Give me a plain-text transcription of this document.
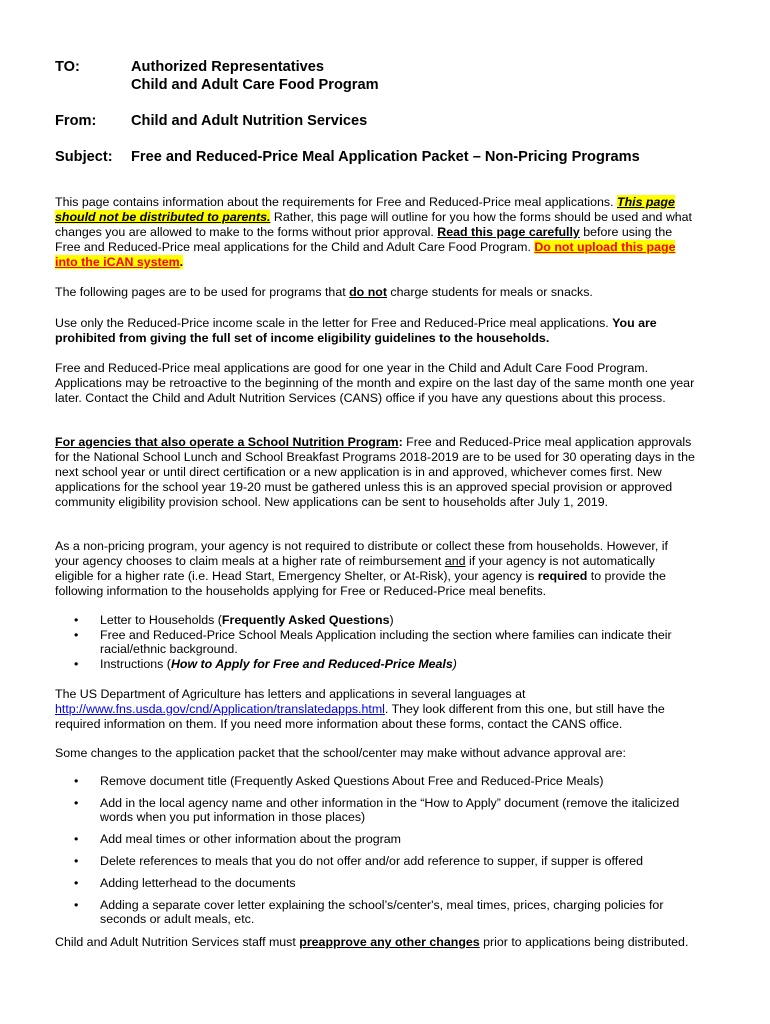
TO:	Authorized Representatives
Child and Adult Care Food Program
From: Child and Adult Nutrition Services
Subject: Free and Reduced-Price Meal Application Packet – Non-Pricing Programs
This page contains information about the requirements for Free and Reduced-Price meal applications. This page should not be distributed to parents. Rather, this page will outline for you how the forms should be used and what changes you are allowed to make to the forms without prior approval. Read this page carefully before using the Free and Reduced-Price meal applications for the Child and Adult Care Food Program. Do not upload this page into the iCAN system.
The following pages are to be used for programs that do not charge students for meals or snacks.
Use only the Reduced-Price income scale in the letter for Free and Reduced-Price meal applications. You are prohibited from giving the full set of income eligibility guidelines to the households.
Free and Reduced-Price meal applications are good for one year in the Child and Adult Care Food Program. Applications may be retroactive to the beginning of the month and expire on the last day of the same month one year later. Contact the Child and Adult Nutrition Services (CANS) office if you have any questions about this process.
For agencies that also operate a School Nutrition Program: Free and Reduced-Price meal application approvals for the National School Lunch and School Breakfast Programs 2018-2019 are to be used for 30 operating days in the next school year or until direct certification or a new application is in and approved, whichever comes first. New applications for the school year 19-20 must be gathered unless this is an approved special provision or approved community eligibility provision school. New applications can be sent to households after July 1, 2019.
As a non-pricing program, your agency is not required to distribute or collect these from households. However, if your agency chooses to claim meals at a higher rate of reimbursement and if your agency is not automatically eligible for a higher rate (i.e. Head Start, Emergency Shelter, or At-Risk), your agency is required to provide the following information to the households applying for Free or Reduced-Price meal benefits.
• Letter to Households (Frequently Asked Questions)
• Free and Reduced-Price School Meals Application including the section where families can indicate their racial/ethnic background.
• Instructions (How to Apply for Free and Reduced-Price Meals)
The US Department of Agriculture has letters and applications in several languages at http://www.fns.usda.gov/cnd/Application/translatedapps.html. They look different from this one, but still have the required information on them. If you need more information about these forms, contact the CANS office.
Some changes to the application packet that the school/center may make without advance approval are:
• Remove document title (Frequently Asked Questions About Free and Reduced-Price Meals)
• Add in the local agency name and other information in the “How to Apply” document (remove the italicized words when you put information in those places)
• Add meal times or other information about the program
• Delete references to meals that you do not offer and/or add reference to supper, if supper is offered
• Adding letterhead to the documents
• Adding a separate cover letter explaining the school’s/center's, meal times, prices, charging policies for seconds or adult meals, etc.
Child and Adult Nutrition Services staff must preapprove any other changes prior to applications being distributed.
